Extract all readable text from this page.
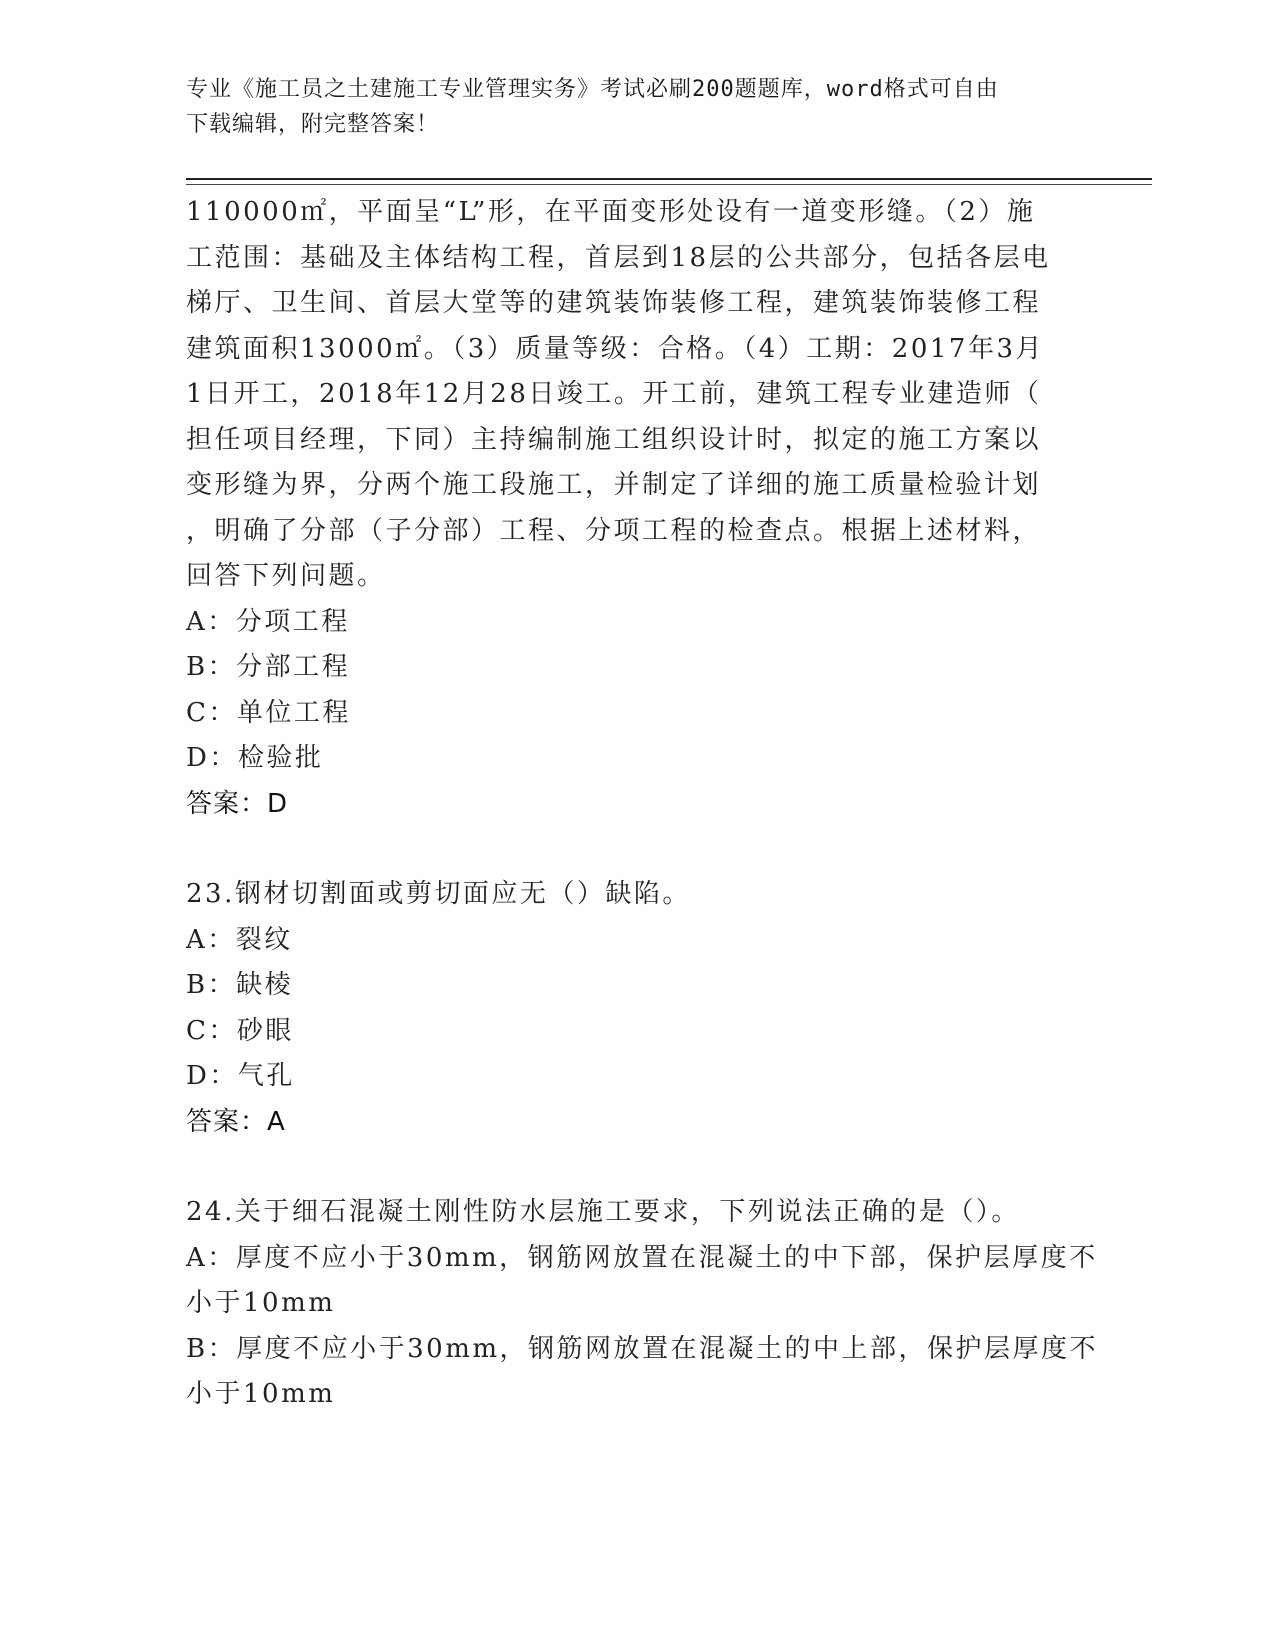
专业《施工员之土建施工专业管理实务》考试必刷200题题库，word格式可自由
下载编辑，附完整答案！
110000㎡，平面呈“L”形，在平面变形处设有一道变形缝。（2）施
工范围：基础及主体结构工程，首层到18层的公共部分，包括各层电
梯厅、卫生间、首层大堂等的建筑装饰装修工程，建筑装饰装修工程
建筑面积13000㎡。（3）质量等级：合格。（4）工期：2017年3月
1日开工，2018年12月28日竣工。开工前，建筑工程专业建造师（
担任项目经理，下同）主持编制施工组织设计时，拟定的施工方案以
变形缝为界，分两个施工段施工，并制定了详细的施工质量检验计划
，明确了分部（子分部）工程、分项工程的检查点。根据上述材料，
回答下列问题。
A：分项工程
B：分部工程
C：单位工程
D：检验批
答案：D
23.钢材切割面或剪切面应无（）缺陷。
A：裂纹
B：缺棱
C：砂眼
D：气孔
答案：A
24.关于细石混凝土刚性防水层施工要求，下列说法正确的是（）。
A：厚度不应小于30mm，钢筋网放置在混凝土的中下部，保护层厚度不
小于10mm
B：厚度不应小于30mm，钢筋网放置在混凝土的中上部，保护层厚度不
小于10mm
